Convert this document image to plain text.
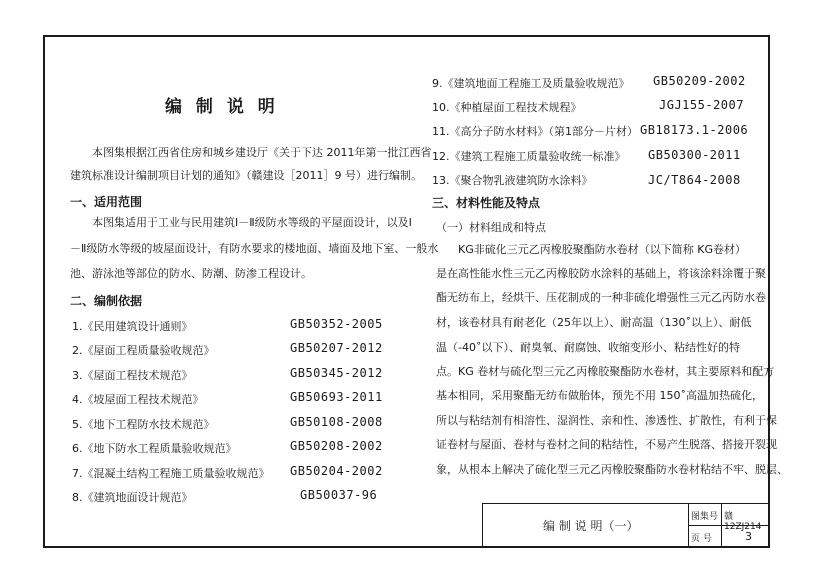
编 制 说 明
本图集根据江西省住房和城乡建设厅《关于下达 2011年第一批江西省
建筑标准设计编制项目计划的通知》（赣建设［2011］9 号）进行编制。
一、适用范围
本图集适用于工业与民用建筑Ⅰ－Ⅱ级防水等级的平屋面设计，以及Ⅰ
－Ⅱ级防水等级的坡屋面设计，有防水要求的楼地面、墙面及地下室、一般水
池、游泳池等部位的防水、防潮、防渗工程设计。
二、编制依据
1.《民用建筑设计通则》	GB50352-2005
2.《屋面工程质量验收规范》	GB50207-2012
3.《屋面工程技术规范》	GB50345-2012
4.《坡屋面工程技术规范》	GB50693-2011
5.《地下工程防水技术规范》	GB50108-2008
6.《地下防水工程质量验收规范》	GB50208-2002
7.《混凝土结构工程施工质量验收规范》 GB50204-2002
8.《建筑地面设计规范》	GB50037-96
9.《建筑地面工程施工及质量验收规范》 GB50209-2002
10.《种植屋面工程技术规程》	JGJ155-2007
11.《高分子防水材料》（第1部分－片材） GB18173.1-2006
12.《建筑工程施工质量验收统一标准》 GB50300-2011
13.《聚合物乳液建筑防水涂料》	JC/T864-2008
三、材料性能及特点
（一）材料组成和特点
KG非硫化三元乙丙橡胶聚酯防水卷材（以下简称 KG卷材）
是在高性能水性三元乙丙橡胶防水涂料的基础上，将该涂料涂覆于聚
酯无纺布上，经烘干、压花制成的一种非硫化增强性三元乙丙防水卷
材，该卷材具有耐老化（25年以上）、耐高温（130˚以上）、耐低
温（-40˚以下）、耐臭氧、耐腐蚀、收缩变形小、粘结性好的特
点。KG 卷材与硫化型三元乙丙橡胶聚酯防水卷材，其主要原料和配方
基本相同，采用聚酯无纺布做胎体，预先不用 150˚高温加热硫化，
所以与粘结剂有相溶性、湿润性、亲和性、渗透性、扩散性，有利于保
证卷材与屋面、卷材与卷材之间的粘结性，不易产生脱落、搭接开裂现
象，从根本上解决了硫化型三元乙丙橡胶聚酯防水卷材粘结不牢、脱层、
编 制 说 明（一）
图集号 赣12ZJ214
页 号	3
